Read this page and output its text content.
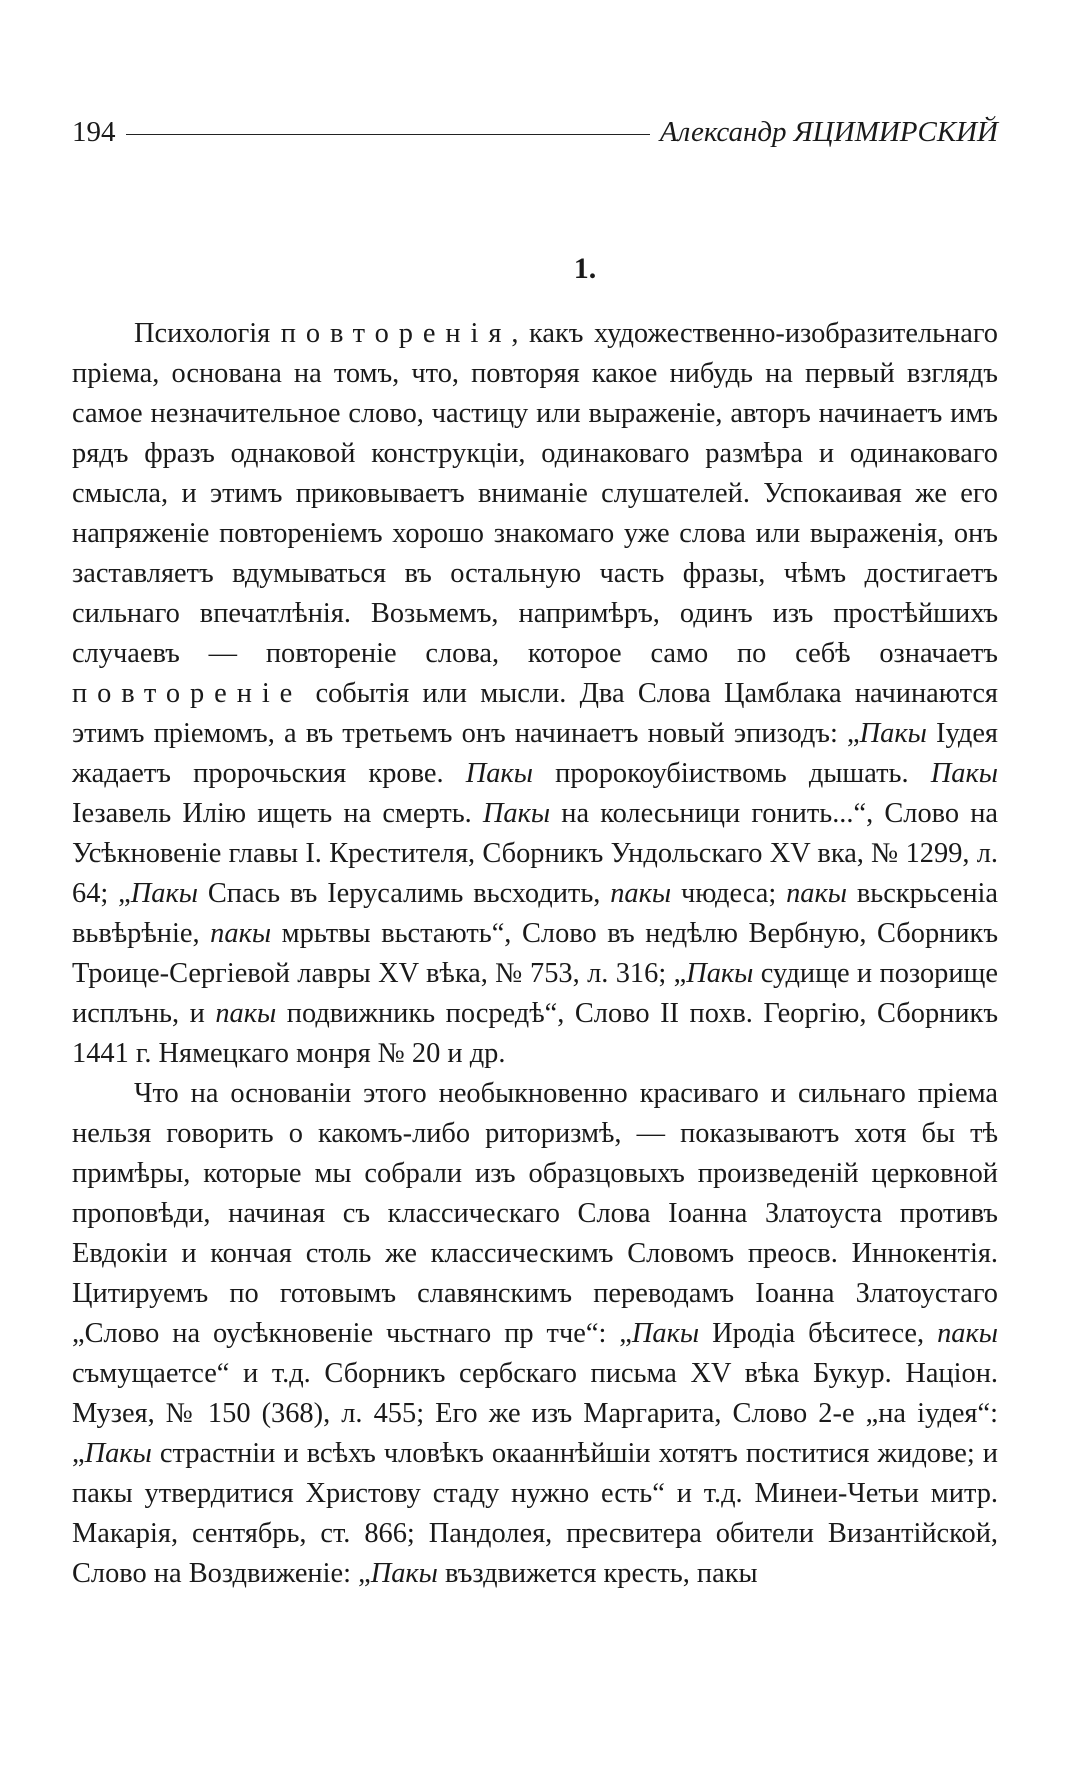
194	Александр ЯЦИМИРСКИЙ
1.

Психологія повторенія, какъ художественно-изобразительнаго пріема, основана на томъ, что, повторяя какое нибудь на первый взглядъ самое незначительное слово, частицу или выраженіе, авторъ начинаетъ имъ рядъ фразъ однаковой конструкціи, одинаковаго размѣра и одинаковаго смысла, и этимъ приковываетъ вниманіе слушателей. Успокаивая же его напряженіе повтореніемъ хорошо знакомаго уже слова или выраженія, онъ заставляетъ вдумываться въ остальную часть фразы, чѣмъ достигаетъ сильнаго впечатлѣнія. Возьмемъ, напримѣръ, одинъ изъ простѣйшихъ случаевъ — повтореніе слова, которое само по себѣ означаетъ повтореніе событія или мысли. Два Слова Цамблака начинаются этимъ пріемомъ, а въ третьемъ онъ начинаетъ новый эпизодъ: „Пакы Іудея жадаетъ пророчьския крове. Пакы пророкоубіиствомь дышать. Пакы Іезавель Илію ищеть на смерть. Пакы на колесьници гонить...“, Слово на Усѣкновеніе главы І. Крестителя, Сборникъ Ундольскаго XV вка, № 1299, л. 64; „Пакы Спась въ Іерусалимь вьсходить, пакы чюдеса; пакы вьскрьсеніа вьвѣрѣніе, пакы мрьтвы вьстають“, Слово въ недѣлю Вербную, Сборникъ Троице-Сергіевой лавры XV вѣка, № 753, л. 316; „Пакы судище и позорище исплънь, и пакы подвижникь посредѣ“, Слово II похв. Георгію, Сборникъ 1441 г. Нямецкаго монря № 20 и др.

Что на основаніи этого необыкновенно красиваго и сильнаго пріема нельзя говорить о какомъ-либо риторизмѣ, — показываютъ хотя бы тѣ примѣры, которые мы собрали изъ образцовыхъ произведеній церковной проповѣди, начиная съ классическаго Слова Іоанна Златоуста противъ Евдокіи и кончая столь же классическимъ Словомъ преосв. Иннокентія. Цитируемъ по готовымъ славянскимъ переводамъ Іоанна Златоустаго „Слово на оусѣкновеніе чьстнаго пр тче“: „Пакы Иродіа бѣситесе, пакы съмущаетсе“ и т.д. Сборникъ сербскаго письма XV вѣка Букур. Націон. Музея, № 150 (368), л. 455; Его же изъ Маргарита, Слово 2-е „на іудея“: „Пакы страстніи и всѣхъ чловѣкъ окааннѣйшіи хотятъ поститися жидове; и пакы утвердитися Христову стаду нужно есть“ и т.д. Минеи-Четьи митр. Макарія, сентябрь, ст. 866; Пандолея, пресвитера обители Византійской, Слово на Воздвиженіе: „Пакы въздвижется кресть, пакы
